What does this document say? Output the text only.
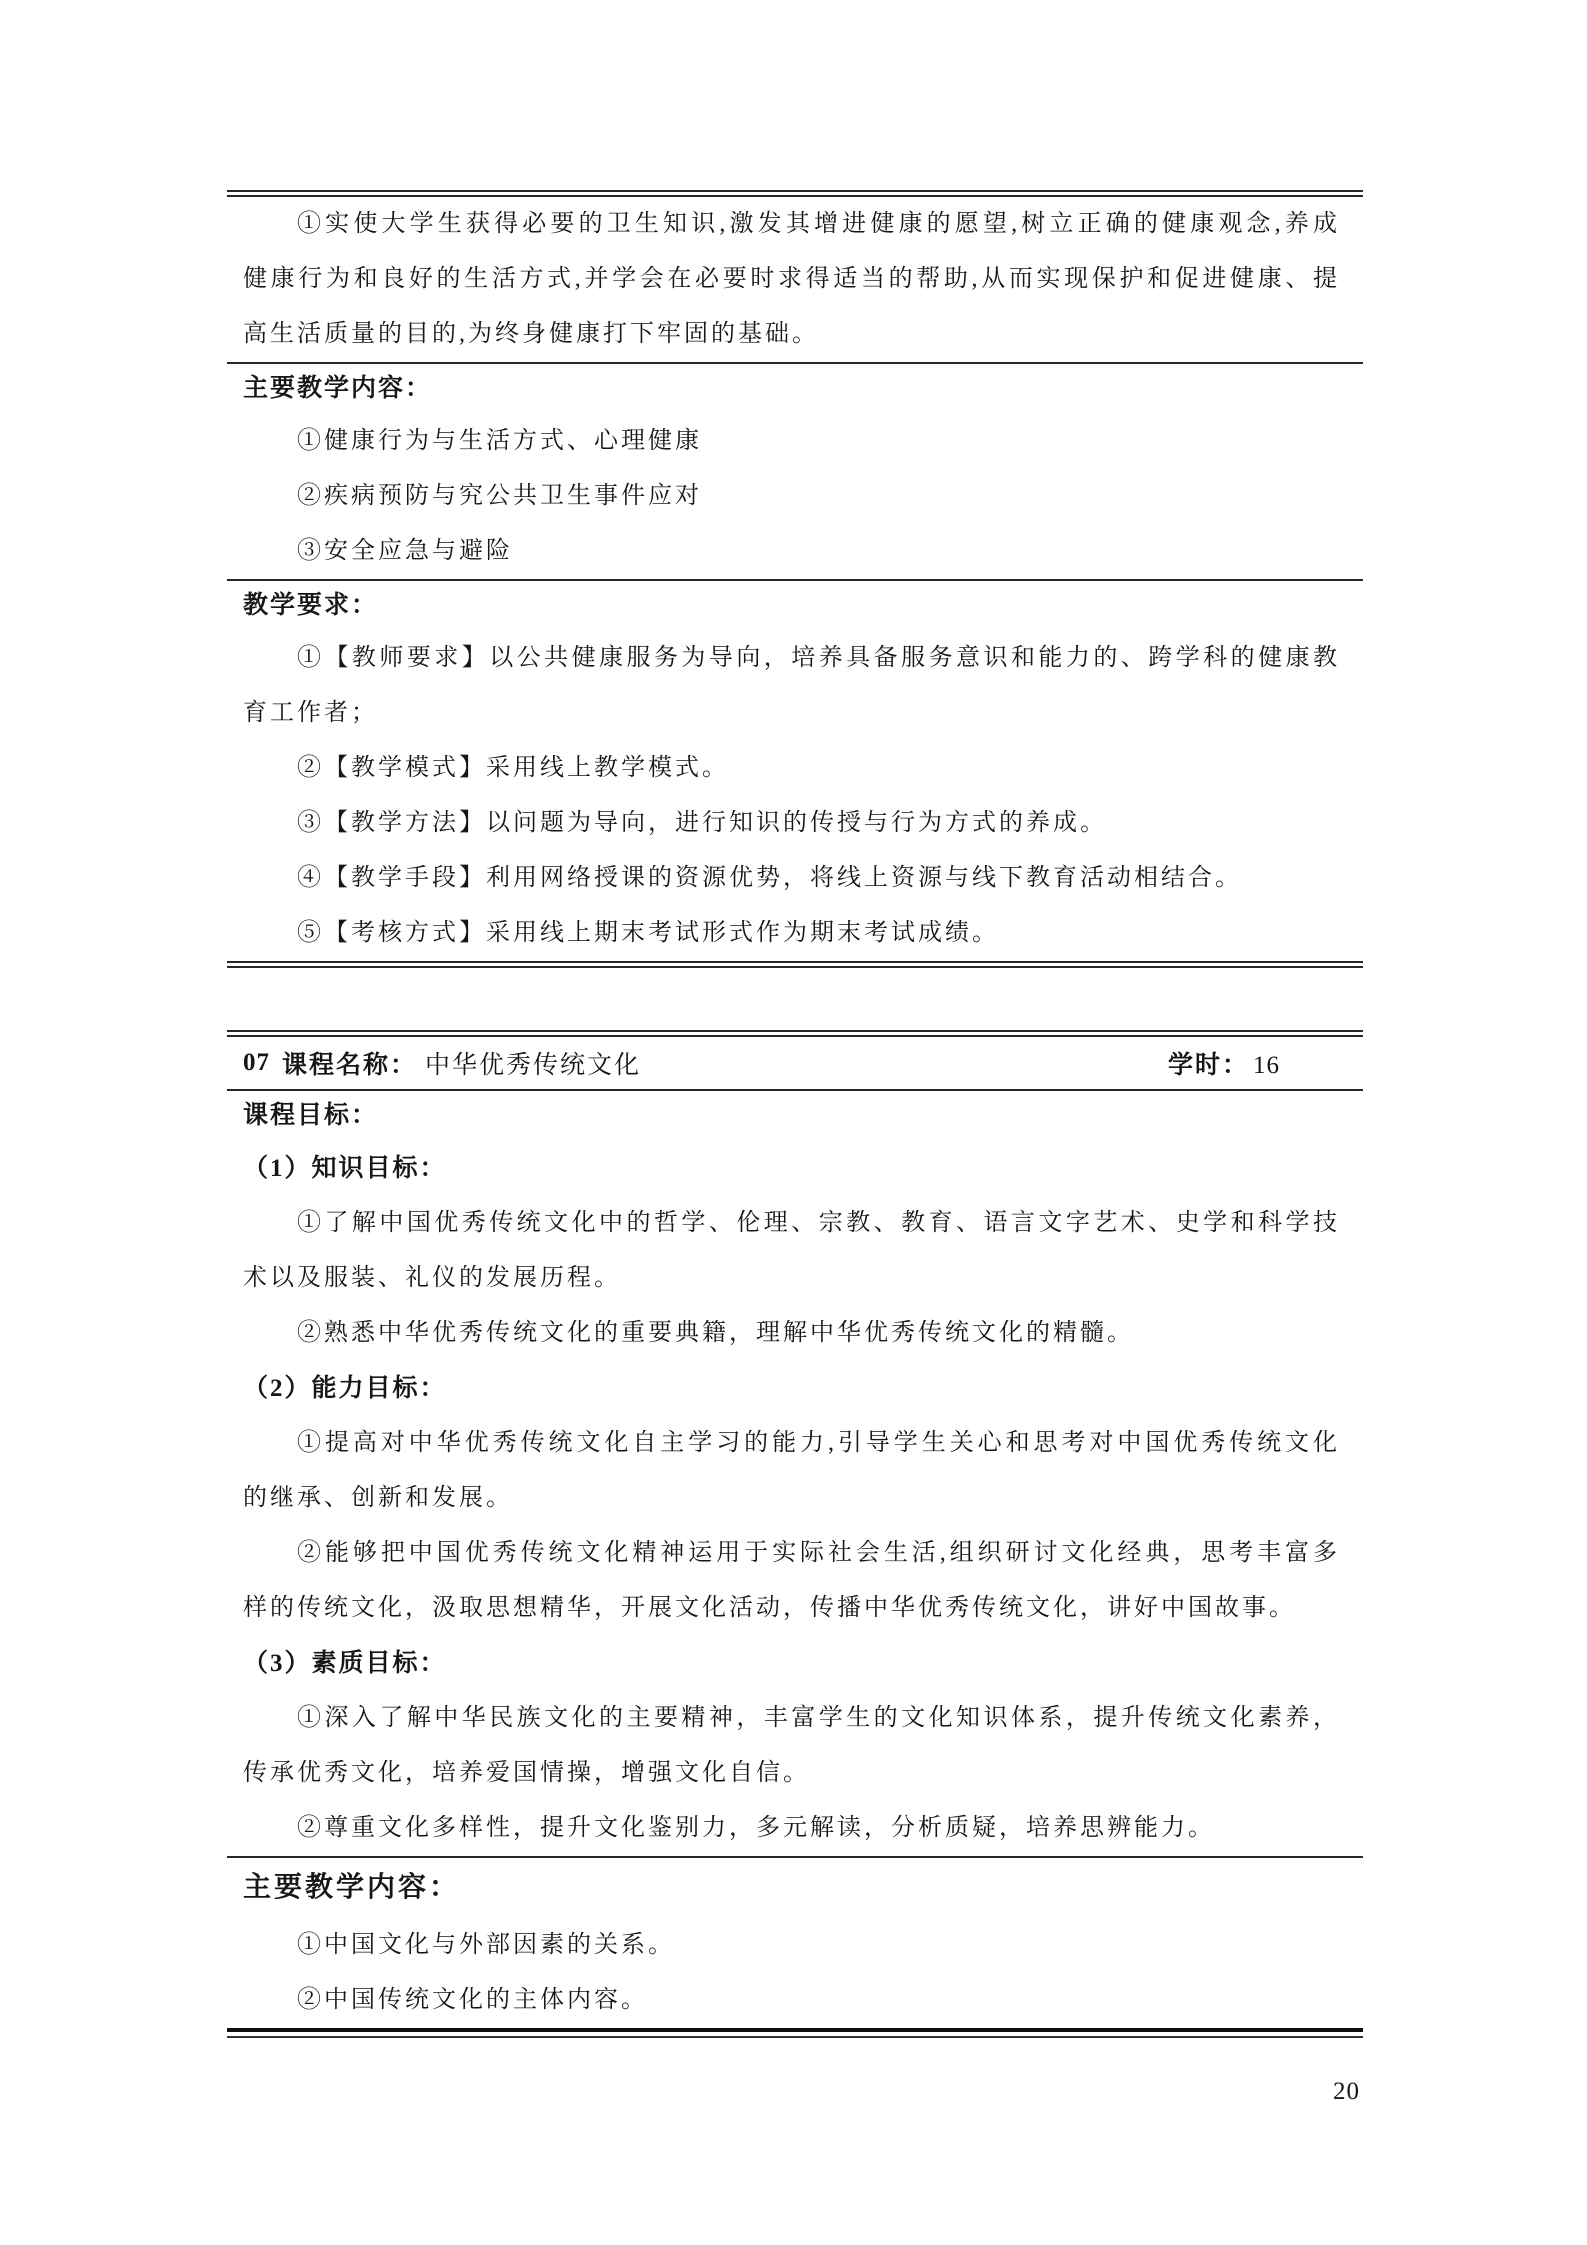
①实使大学生获得必要的卫生知识,激发其增进健康的愿望,树立正确的健康观念,养成
健康行为和良好的生活方式,并学会在必要时求得适当的帮助,从而实现保护和促进健康、提
高生活质量的目的,为终身健康打下牢固的基础。
主要教学内容：
①健康行为与生活方式、心理健康
②疾病预防与究公共卫生事件应对
③安全应急与避险
教学要求：
①【教师要求】以公共健康服务为导向，培养具备服务意识和能力的、跨学科的健康教
育工作者；
②【教学模式】采用线上教学模式。
③【教学方法】以问题为导向，进行知识的传授与行为方式的养成。
④【教学手段】利用网络授课的资源优势，将线上资源与线下教育活动相结合。
⑤【考核方式】采用线上期末考试形式作为期末考试成绩。
07 课程名称： 中华优秀传统文化	学时： 16
课程目标：
（1）知识目标：
①了解中国优秀传统文化中的哲学、伦理、宗教、教育、语言文字艺术、史学和科学技
术以及服装、礼仪的发展历程。
②熟悉中华优秀传统文化的重要典籍，理解中华优秀传统文化的精髓。
（2）能力目标：
①提高对中华优秀传统文化自主学习的能力,引导学生关心和思考对中国优秀传统文化
的继承、创新和发展。
②能够把中国优秀传统文化精神运用于实际社会生活,组织研讨文化经典，思考丰富多
样的传统文化，汲取思想精华，开展文化活动，传播中华优秀传统文化，讲好中国故事。
（3）素质目标：
①深入了解中华民族文化的主要精神，丰富学生的文化知识体系，提升传统文化素养，
传承优秀文化，培养爱国情操，增强文化自信。
②尊重文化多样性，提升文化鉴别力，多元解读，分析质疑，培养思辨能力。
主要教学内容：
①中国文化与外部因素的关系。
②中国传统文化的主体内容。
20
